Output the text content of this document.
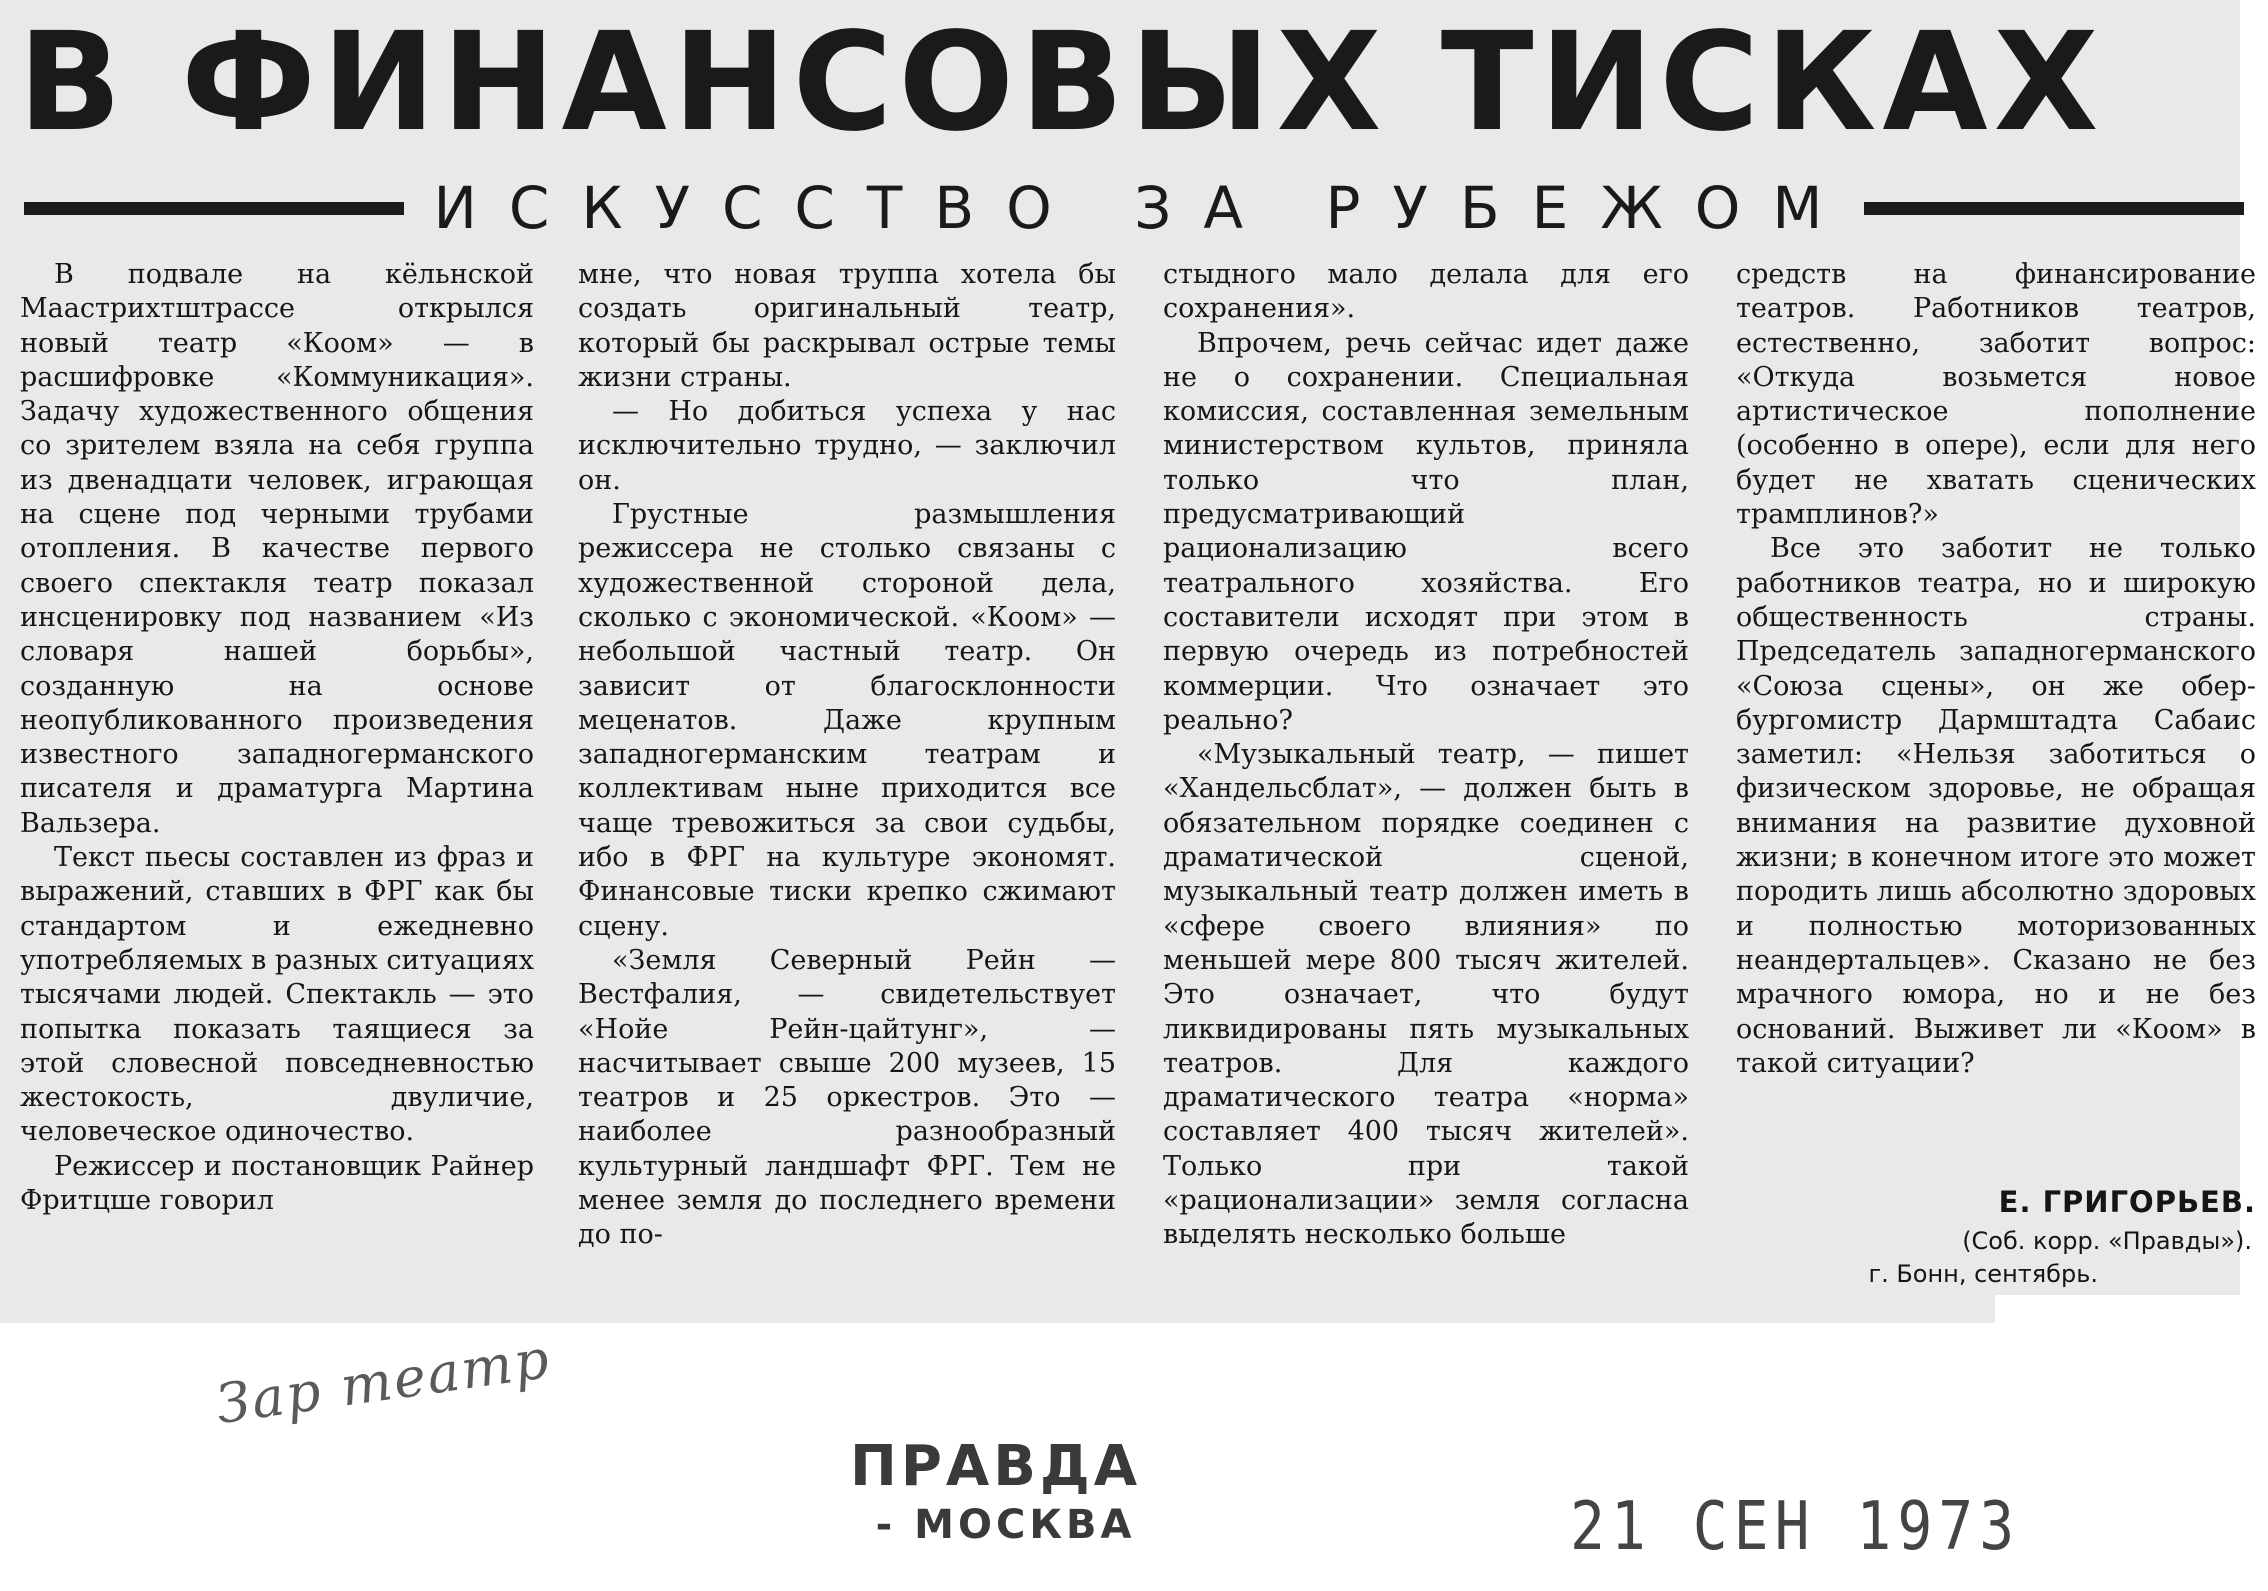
В ФИНАНСОВЫХ ТИСКАХ
ИСКУССТВО ЗА РУБЕЖОМ

В подвале на кёльнской Маастрихтштрассе открылся новый театр «Коом» — в расшифровке «Коммуникация». Задачу художественного общения со зрителем взяла на себя группа из двенадцати человек, играющая на сцене под черными трубами отопления. В качестве первого своего спектакля театр показал инсценировку под названием «Из словаря нашей борьбы», созданную на основе неопубликованного произведения известного западногерманского писателя и драматурга Мартина Вальзера.

Текст пьесы составлен из фраз и выражений, ставших в ФРГ как бы стандартом и ежедневно употребляемых в разных ситуациях тысячами людей. Спектакль — это попытка показать таящиеся за этой словесной повседневностью жестокость, двуличие, человеческое одиночество.

Режиссер и постановщик Райнер Фритцше говорил

мне, что новая труппа хотела бы создать оригинальный театр, который бы раскрывал острые темы жизни страны.

— Но добиться успеха у нас исключительно трудно, — заключил он.

Грустные размышления режиссера не столько связаны с художественной стороной дела, сколько с экономической. «Коом» — небольшой частный театр. Он зависит от благосклонности меценатов. Даже крупным западногерманским театрам и коллективам ныне приходится все чаще тревожиться за свои судьбы, ибо в ФРГ на культуре экономят. Финансовые тиски крепко сжимают сцену.

«Земля Северный Рейн — Вестфалия, — свидетельствует «Нойе Рейн-цайтунг», — насчитывает свыше 200 музеев, 15 театров и 25 оркестров. Это — наиболее разнообразный культурный ландшафт ФРГ. Тем не менее земля до последнего времени до по-

стыдного мало делала для его сохранения».

Впрочем, речь сейчас идет даже не о сохранении. Специальная комиссия, составленная земельным министерством культов, приняла только что план, предусматривающий рационализацию всего театрального хозяйства. Его составители исходят при этом в первую очередь из потребностей коммерции. Что означает это реально?

«Музыкальный театр, — пишет «Хандельсблат», — должен быть в обязательном порядке соединен с драматической сценой, музыкальный театр должен иметь в «сфере своего влияния» по меньшей мере 800 тысяч жителей. Это означает, что будут ликвидированы пять музыкальных театров. Для каждого драматического театра «норма» составляет 400 тысяч жителей». Только при такой «рационализации» земля согласна выделять несколько больше

средств на финансирование театров. Работников театров, естественно, заботит вопрос: «Откуда возьмется новое артистическое пополнение (особенно в опере), если для него будет не хватать сценических трамплинов?»

Все это заботит не только работников театра, но и широкую общественность страны. Председатель западногерманского «Союза сцены», он же обер-бургомистр Дармштадта Сабаис заметил: «Нельзя заботиться о физическом здоровье, не обращая внимания на развитие духовной жизни; в конечном итоге это может породить лишь абсолютно здоровых и полностью моторизованных неандертальцев». Сказано не без мрачного юмора, но и не без оснований. Выживет ли «Коом» в такой ситуации?

Е. ГРИГОРЬЕВ.
(Соб. корр. «Правды»).
г. Бонн, сентябрь.
Зар театр
ПРАВДА
- МОСКВА	21 СЕН 1973
